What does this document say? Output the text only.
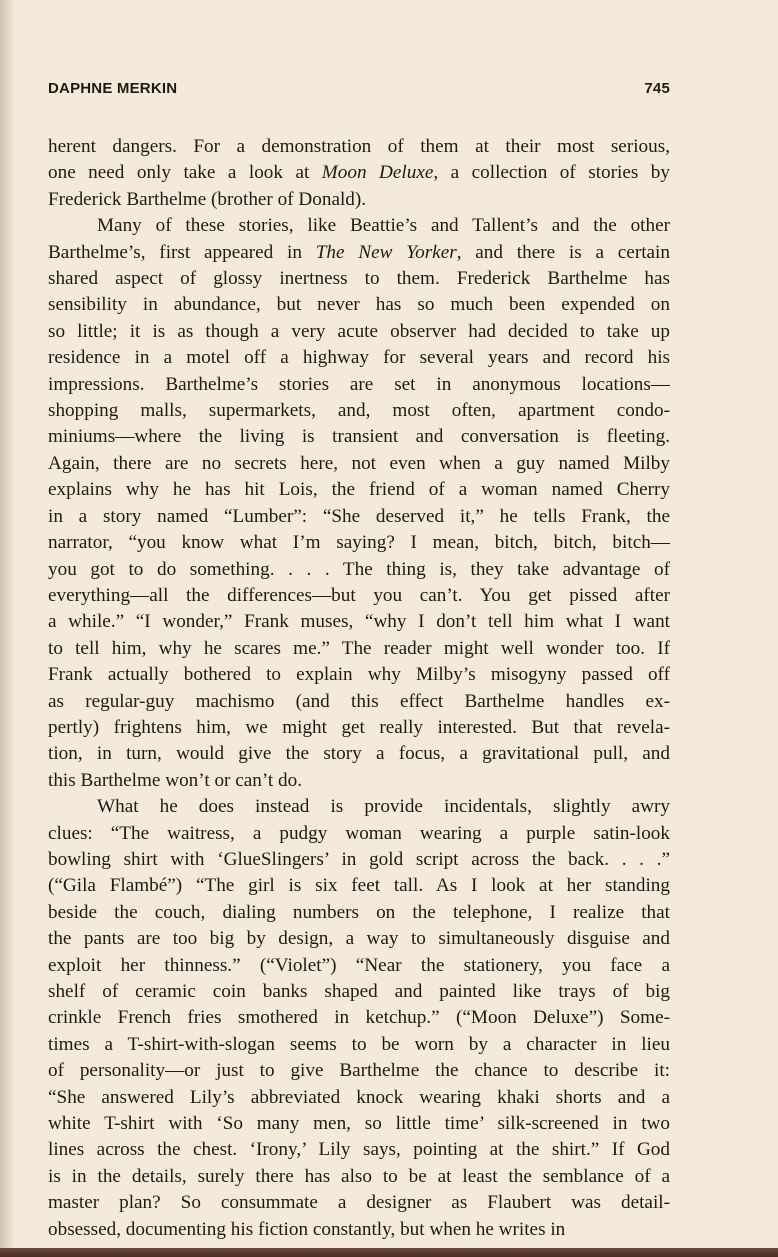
DAPHNE MERKIN	745
herent dangers. For a demonstration of them at their most serious,
one need only take a look at Moon Deluxe, a collection of stories by
Frederick Barthelme (brother of Donald).
Many of these stories, like Beattie’s and Tallent’s and the other
Barthelme’s, first appeared in The New Yorker, and there is a certain
shared aspect of glossy inertness to them. Frederick Barthelme has
sensibility in abundance, but never has so much been expended on
so little; it is as though a very acute observer had decided to take up
residence in a motel off a highway for several years and record his
impressions. Barthelme’s stories are set in anonymous locations—
shopping malls, supermarkets, and, most often, apartment condo-
miniums—where the living is transient and conversation is fleeting.
Again, there are no secrets here, not even when a guy named Milby
explains why he has hit Lois, the friend of a woman named Cherry
in a story named “Lumber”: “She deserved it,” he tells Frank, the
narrator, “you know what I’m saying? I mean, bitch, bitch, bitch—
you got to do something. . . . The thing is, they take advantage of
everything—all the differences—but you can’t. You get pissed after
a while.” “I wonder,” Frank muses, “why I don’t tell him what I want
to tell him, why he scares me.” The reader might well wonder too. If
Frank actually bothered to explain why Milby’s misogyny passed off
as regular-guy machismo (and this effect Barthelme handles ex-
pertly) frightens him, we might get really interested. But that revela-
tion, in turn, would give the story a focus, a gravitational pull, and
this Barthelme won’t or can’t do.
What he does instead is provide incidentals, slightly awry
clues: “The waitress, a pudgy woman wearing a purple satin-look
bowling shirt with ‘GlueSlingers’ in gold script across the back. . . .”
(“Gila Flambé”) “The girl is six feet tall. As I look at her standing
beside the couch, dialing numbers on the telephone, I realize that
the pants are too big by design, a way to simultaneously disguise and
exploit her thinness.” (“Violet”) “Near the stationery, you face a
shelf of ceramic coin banks shaped and painted like trays of big
crinkle French fries smothered in ketchup.” (“Moon Deluxe”) Some-
times a T-shirt-with-slogan seems to be worn by a character in lieu
of personality—or just to give Barthelme the chance to describe it:
“She answered Lily’s abbreviated knock wearing khaki shorts and a
white T-shirt with ‘So many men, so little time’ silk-screened in two
lines across the chest. ‘Irony,’ Lily says, pointing at the shirt.” If God
is in the details, surely there has also to be at least the semblance of a
master plan? So consummate a designer as Flaubert was detail-
obsessed, documenting his fiction constantly, but when he writes in
